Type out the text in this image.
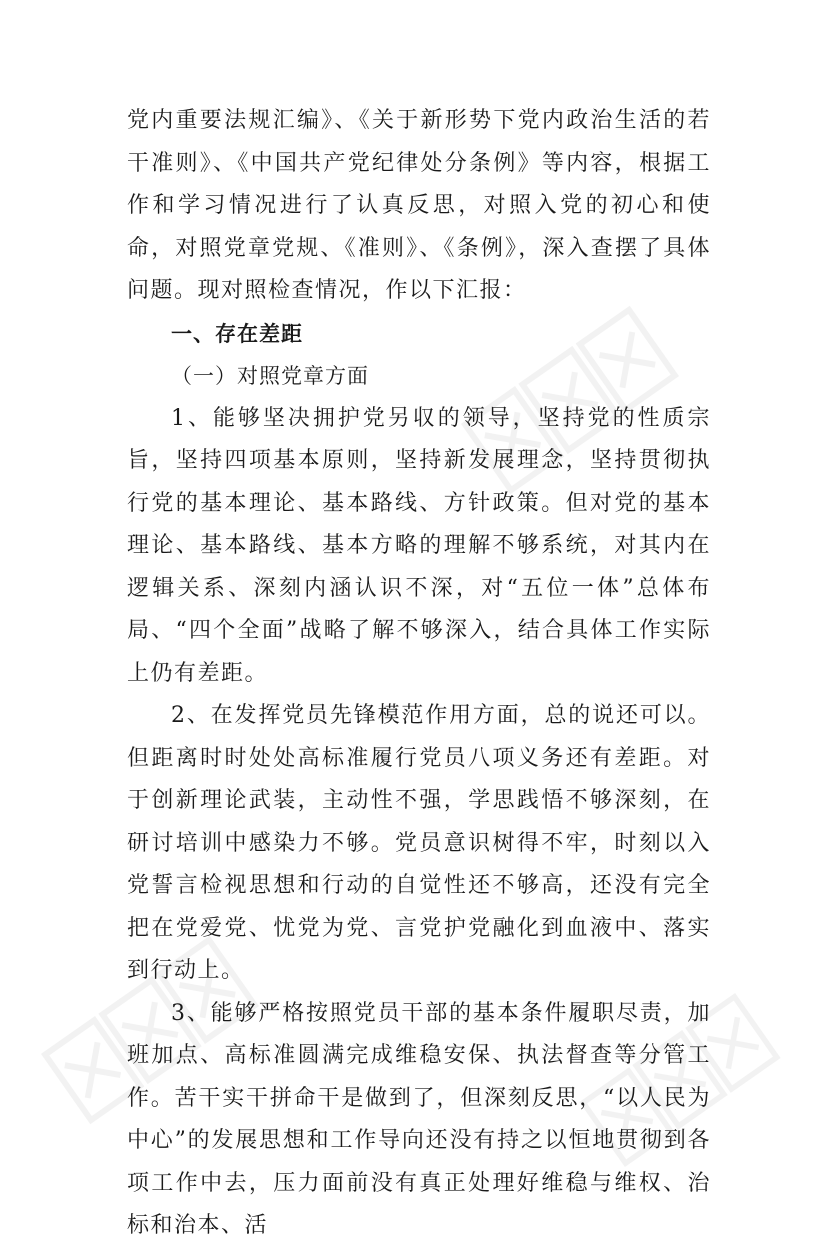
党内重要法规汇编》、《关于新形势下党内政治生活的若干准则》、《中国共产党纪律处分条例》等内容，根据工作和学习情况进行了认真反思，对照入党的初心和使命，对照党章党规、《准则》、《条例》，深入查摆了具体问题。现对照检查情况，作以下汇报：

一、存在差距

（一）对照党章方面

1、能够坚决拥护党另収的领导，坚持党的性质宗旨，坚持四项基本原则，坚持新发展理念，坚持贯彻执行党的基本理论、基本路线、方针政策。但对党的基本理论、基本路线、基本方略的理解不够系统，对其内在逻辑关系、深刻内涵认识不深，对“五位一体”总体布局、“四个全面”战略了解不够深入，结合具体工作实际上仍有差距。

2、在发挥党员先锋模范作用方面，总的说还可以。但距离时时处处高标准履行党员八项义务还有差距。对于创新理论武装，主动性不强，学思践悟不够深刻，在研讨培训中感染力不够。党员意识树得不牢，时刻以入党誓言检视思想和行动的自觉性还不够高，还没有完全把在党爱党、忧党为党、言党护党融化到血液中、落实到行动上。

3、能够严格按照党员干部的基本条件履职尽责，加班加点、高标准圆满完成维稳安保、执法督查等分管工作。苦干实干拼命干是做到了，但深刻反思，“以人民为中心”的发展思想和工作导向还没有持之以恒地贯彻到各项工作中去，压力面前没有真正处理好维稳与维权、治标和治本、活
